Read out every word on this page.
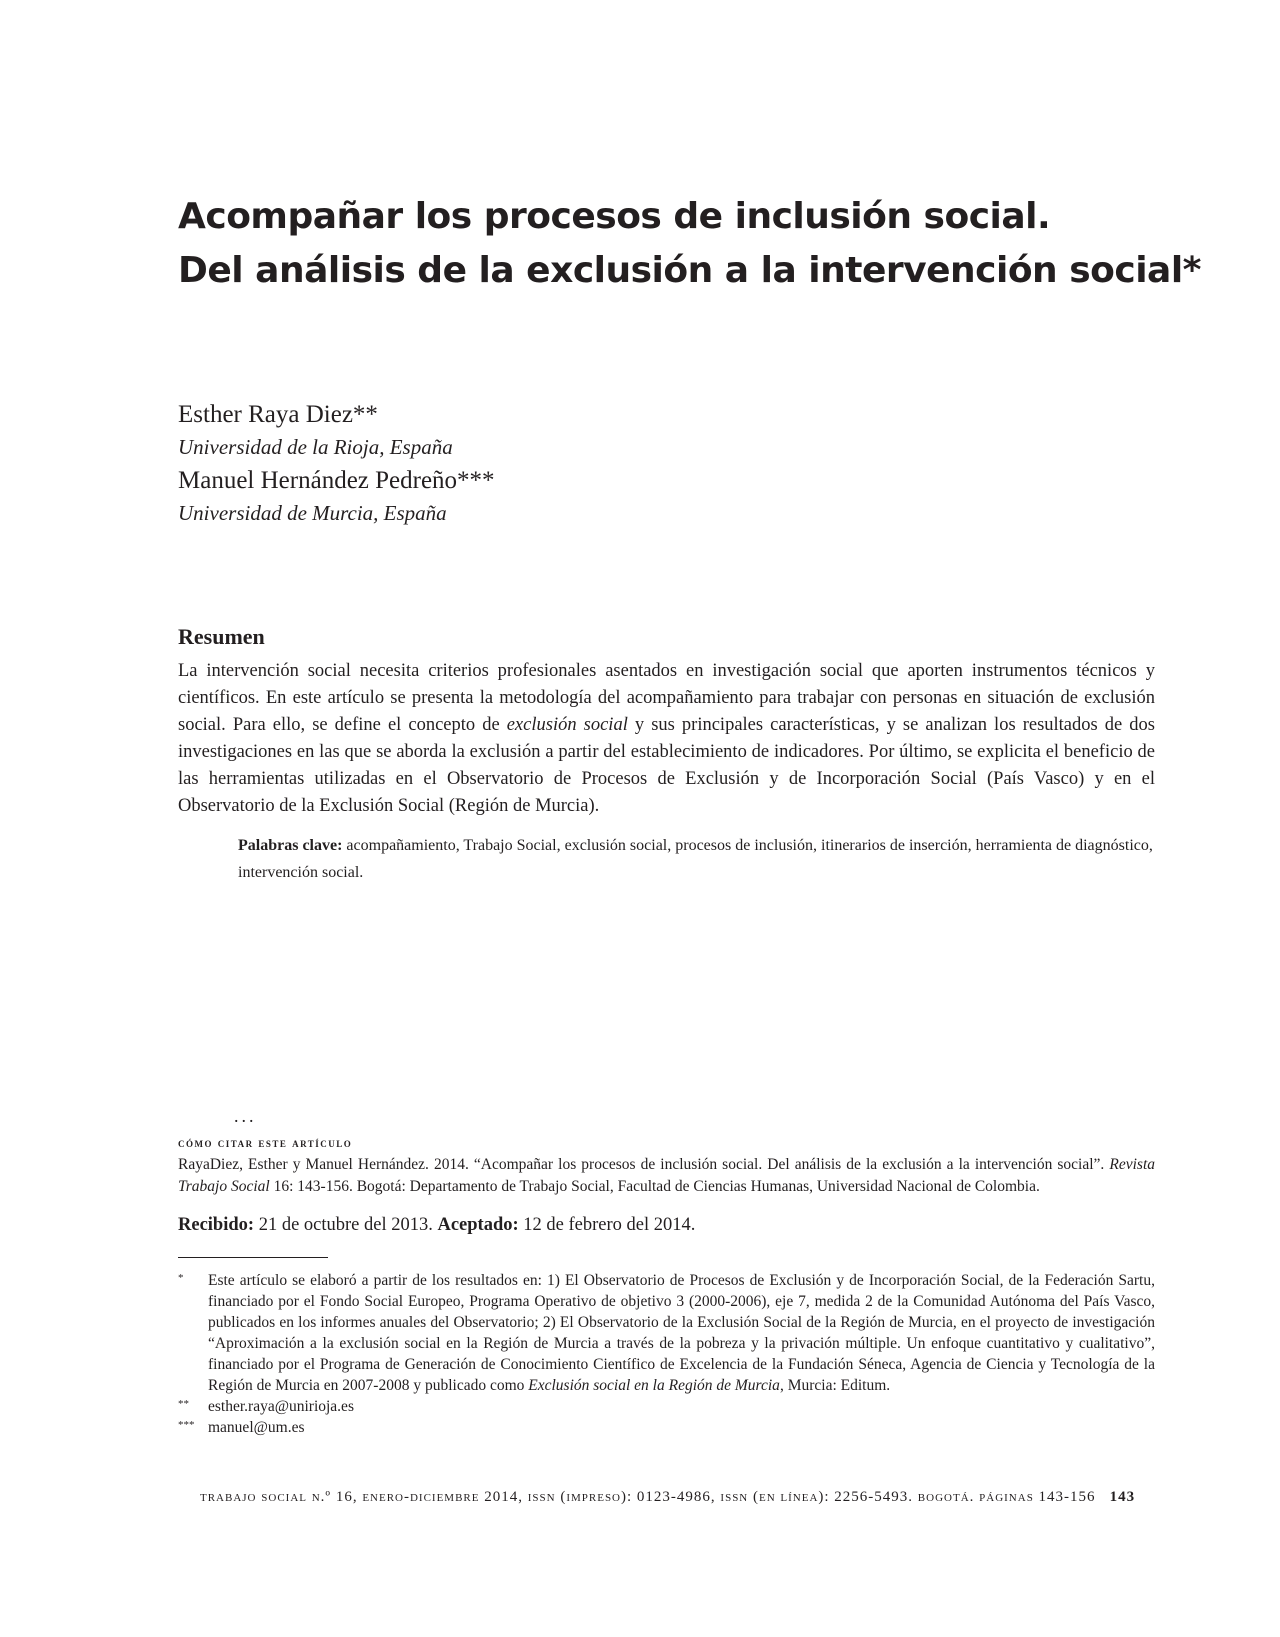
Acompañar los procesos de inclusión social.
Del análisis de la exclusión a la intervención social*

Esther Raya Diez**

Universidad de la Rioja, España

Manuel Hernández Pedreño***

Universidad de Murcia, España

Resumen

La intervención social necesita criterios profesionales asentados en investigación social que aporten instrumentos técnicos y científicos. En este artículo se presenta la metodología del acompañamiento para trabajar con personas en situación de exclusión social. Para ello, se define el concepto de exclusión social y sus principales características, y se analizan los resultados de dos investigaciones en las que se aborda la exclusión a partir del establecimiento de indicadores. Por último, se explicita el beneficio de las herramientas utilizadas en el Observatorio de Procesos de Exclusión y de Incorporación Social (País Vasco) y en el Observatorio de la Exclusión Social (Región de Murcia).

Palabras clave: acompañamiento, Trabajo Social, exclusión social, procesos de inclusión, itinerarios de inserción, herramienta de diagnóstico, intervención social.

...

cómo citar este artículo

RayaDiez, Esther y Manuel Hernández. 2014. “Acompañar los procesos de inclusión social. Del análisis de la exclusión a la intervención social”. Revista Trabajo Social 16: 143-156. Bogotá: Departamento de Trabajo Social, Facultad de Ciencias Humanas, Universidad Nacional de Colombia.

Recibido: 21 de octubre del 2013. Aceptado: 12 de febrero del 2014.

* Este artículo se elaboró a partir de los resultados en: 1) El Observatorio de Procesos de Exclusión y de Incorporación Social, de la Federación Sartu, financiado por el Fondo Social Europeo, Programa Operativo de objetivo 3 (2000-2006), eje 7, medida 2 de la Comunidad Autónoma del País Vasco, publicados en los informes anuales del Observatorio; 2) El Observatorio de la Exclusión Social de la Región de Murcia, en el proyecto de investigación “Aproximación a la exclusión social en la Región de Murcia a través de la pobreza y la privación múltiple. Un enfoque cuantitativo y cualitativo”, financiado por el Programa de Generación de Conocimiento Científico de Excelencia de la Fundación Séneca, Agencia de Ciencia y Tecnología de la Región de Murcia en 2007-2008 y publicado como Exclusión social en la Región de Murcia, Murcia: Editum.
** esther.raya@unirioja.es
*** manuel@um.es
trabajo social n.º 16, enero-diciembre 2014, issn (impreso): 0123-4986, issn (en línea): 2256-5493. bogotá. páginas 143-156 143
